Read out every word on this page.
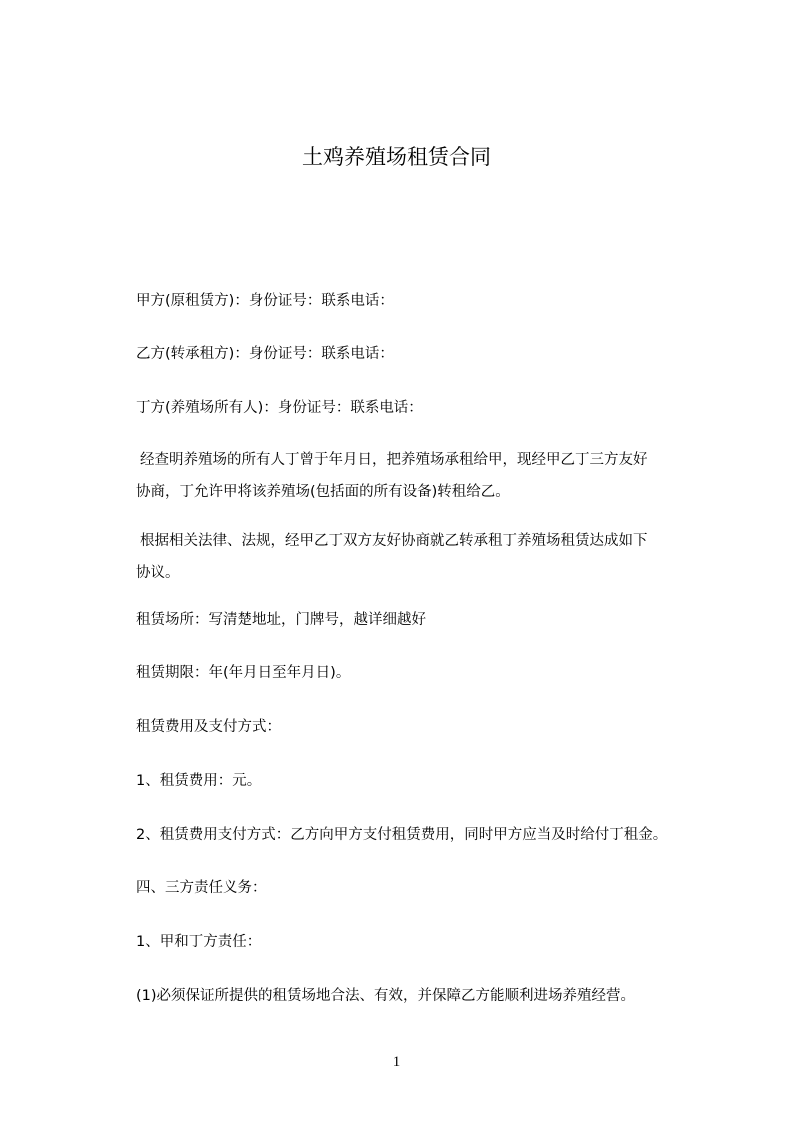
土鸡养殖场租赁合同
甲方(原租赁方)：身份证号：联系电话：
乙方(转承租方)：身份证号：联系电话：
丁方(养殖场所有人)：身份证号：联系电话：
经查明养殖场的所有人丁曾于年月日，把养殖场承租给甲，现经甲乙丁三方友好
协商，丁允许甲将该养殖场(包括面的所有设备)转租给乙。
根据相关法律、法规，经甲乙丁双方友好协商就乙转承租丁养殖场租赁达成如下
协议。
租赁场所：写清楚地址，门牌号，越详细越好
租赁期限：年(年月日至年月日)。
租赁费用及支付方式：
1、租赁费用：元。
2、租赁费用支付方式：乙方向甲方支付租赁费用，同时甲方应当及时给付丁租金。
四、三方责任义务：
1、甲和丁方责任：
(1)必须保证所提供的租赁场地合法、有效，并保障乙方能顺利进场养殖经营。
1
